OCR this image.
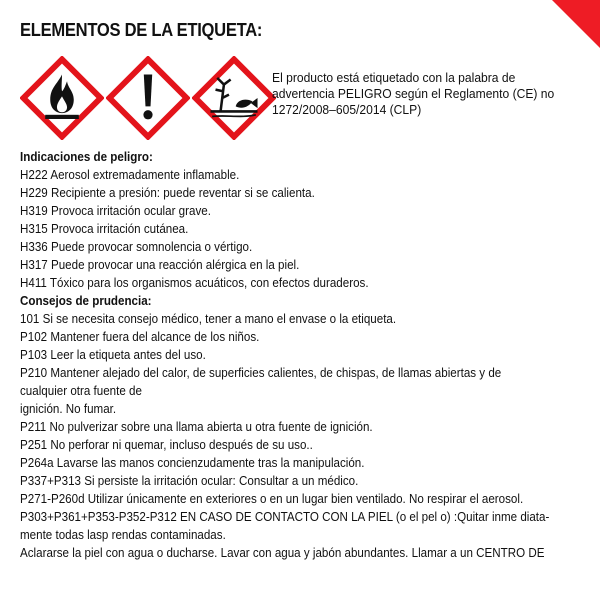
ELEMENTOS DE LA ETIQUETA:
El producto está etiquetado con la palabra de advertencia PELIGRO según el Reglamento (CE) no 1272/2008–605/2014 (CLP)
Indicaciones de peligro:
H222 Aerosol extremadamente inflamable.
H229 Recipiente a presión: puede reventar si se calienta.
H319 Provoca irritación ocular grave.
H315 Provoca irritación cutánea.
H336 Puede provocar somnolencia o vértigo.
H317 Puede provocar una reacción alérgica en la piel.
H411 Tóxico para los organismos acuáticos, con efectos duraderos.
Consejos de prudencia:
101 Si se necesita consejo médico, tener a mano el envase o la etiqueta.
P102 Mantener fuera del alcance de los niños.
P103 Leer la etiqueta antes del uso.
P210 Mantener alejado del calor, de superficies calientes, de chispas, de llamas abiertas y de cualquier otra fuente de
ignición. No fumar.
P211 No pulverizar sobre una llama abierta u otra fuente de ignición.
P251 No perforar ni quemar, incluso después de su uso..
P264a Lavarse las manos concienzudamente tras la manipulación.
P337+P313 Si persiste la irritación ocular: Consultar a un médico.
P271-P260d Utilizar únicamente en exteriores o en un lugar bien ventilado. No respirar el aerosol.
P303+P361+P353-P352-P312 EN CASO DE CONTACTO CON LA PIEL (o el pel o) :Quitar inme diata-
mente todas lasp rendas contaminadas.
Aclararse la piel con agua o ducharse. Lavar con agua y jabón abundantes. Llamar a un CENTRO DE
